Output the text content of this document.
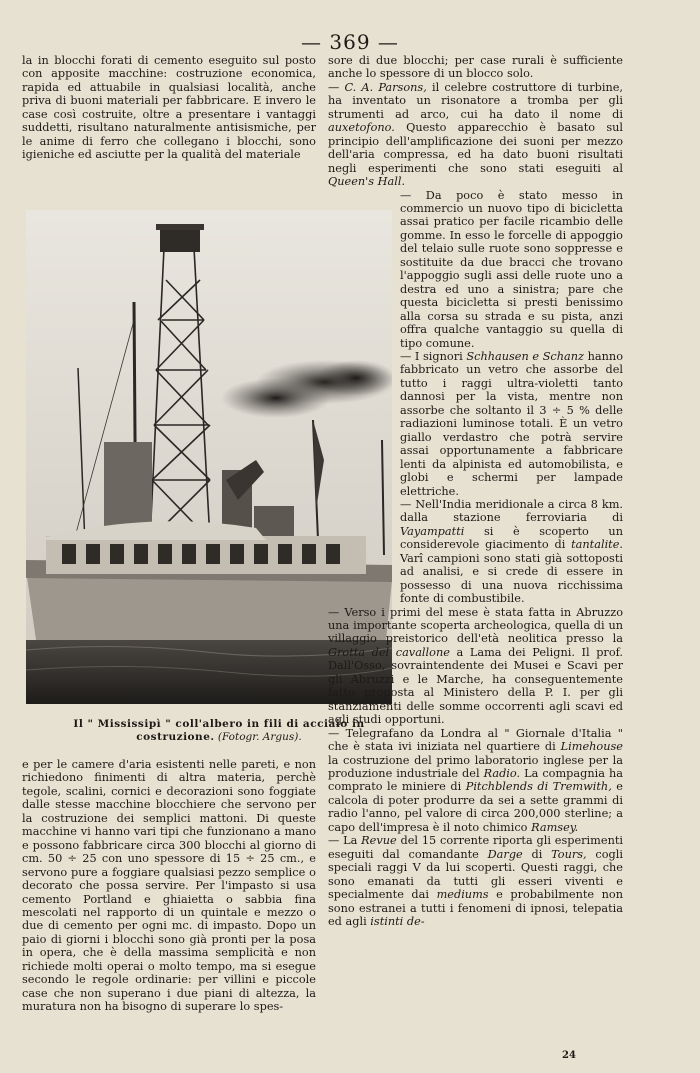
— 369 —

la in blocchi forati di cemento eseguito sul posto con apposite macchine: costruzione economica, rapida ed attuabile in qualsiasi località, anche priva di buoni materiali per fabbricare. E invero le case così costruite, oltre a presentare i vantaggi suddetti, risultano naturalmente antisismiche, per le anime di ferro che collegano i blocchi, sono igieniche ed asciutte per la qualità del materiale

Il " Mississipì " coll'albero in fili di acciaio in costruzione. (Fotogr. Argus).

e per le camere d'aria esistenti nelle pareti, e non richiedono finimenti di altra materia, perchè tegole, scalini, cornici e decorazioni sono foggiate dalle stesse macchine blocchiere che servono per la costruzione dei semplici mattoni. Di queste macchine vi hanno vari tipi che funzionano a mano e possono fabbricare circa 300 blocchi al giorno di cm. 50 ÷ 25 con uno spessore di 15 ÷ 25 cm., e servono pure a foggiare qualsiasi pezzo semplice o decorato che possa servire. Per l'impasto si usa cemento Portland e ghiaietta o sabbia fina mescolati nel rapporto di un quintale e mezzo o due di cemento per ogni mc. di impasto. Dopo un paio di giorni i blocchi sono già pronti per la posa in opera, che è della massima semplicità e non richiede molti operai o molto tempo, ma si esegue secondo le regole ordinarie: per villini e piccole case che non superano i due piani di altezza, la muratura non ha bisogno di superare lo spes-

sore di due blocchi; per case rurali è sufficiente anche lo spessore di un blocco solo.

— C. A. Parsons, il celebre costruttore di turbine, ha inventato un risonatore a tromba per gli strumenti ad arco, cui ha dato il nome di auxetofono. Questo apparecchio è basato sul principio dell'amplificazione dei suoni per mezzo dell'aria compressa, ed ha dato buoni risultati negli esperimenti che sono stati eseguiti al Queen's Hall.

— Da poco è stato messo in commercio un nuovo tipo di bicicletta assai pratico per facile ricambio delle gomme. In esso le forcelle di appoggio del telaio sulle ruote sono soppresse e sostituite da due bracci che trovano l'appoggio sugli assi delle ruote uno a destra ed uno a sinistra; pare che questa bicicletta si presti benissimo alla corsa su strada e su pista, anzi offra qualche vantaggio su quella di tipo comune.

— I signori Schhausen e Schanz hanno fabbricato un vetro che assorbe del tutto i raggi ultra-violetti tanto dannosi per la vista, mentre non assorbe che soltanto il 3 ÷ 5 % delle radiazioni luminose totali. È un vetro giallo verdastro che potrà servire assai opportunamente a fabbricare lenti da alpinista ed automobilista, e globi e schermi per lampade elettriche.

— Nell'India meridionale a circa 8 km. dalla stazione ferroviaria di Vayampatti si è scoperto un considerevole giacimento di tantalite. Varî campioni sono stati già sottoposti ad analisi, e si crede di essere in possesso di una nuova ricchissima fonte di combustibile.

— Verso i primi del mese è stata fatta in Abruzzo una importante scoperta archeologica, quella di un villaggio preistorico dell'età neolitica presso la Grotta del cavallone a Lama dei Peligni. Il prof. Dall'Osso, sovraintendente dei Musei e Scavi per gli Abruzzi e le Marche, ha conseguentemente fatto proposta al Ministero della P. I. per gli stanziamenti delle somme occorrenti agli scavi ed agli studi opportuni.

— Telegrafano da Londra al " Giornale d'Italia " che è stata ivi iniziata nel quartiere di Limehouse la costruzione del primo laboratorio inglese per la produzione industriale del Radio. La compagnia ha comprato le miniere di Pitchblends di Tremwith, e calcola di poter produrre da sei a sette grammi di radio l'anno, pel valore di circa 200,000 sterline; a capo dell'impresa è il noto chimico Ramsey.

— La Revue del 15 corrente riporta gli esperimenti eseguiti dal comandante Darge di Tours, cogli speciali raggi V da lui scoperti. Questi raggi, che sono emanati da tutti gli esseri viventi e specialmente dai mediums e probabilmente non sono estranei a tutti i fenomeni di ipnosi, telepatia ed agli istinti de-

24
